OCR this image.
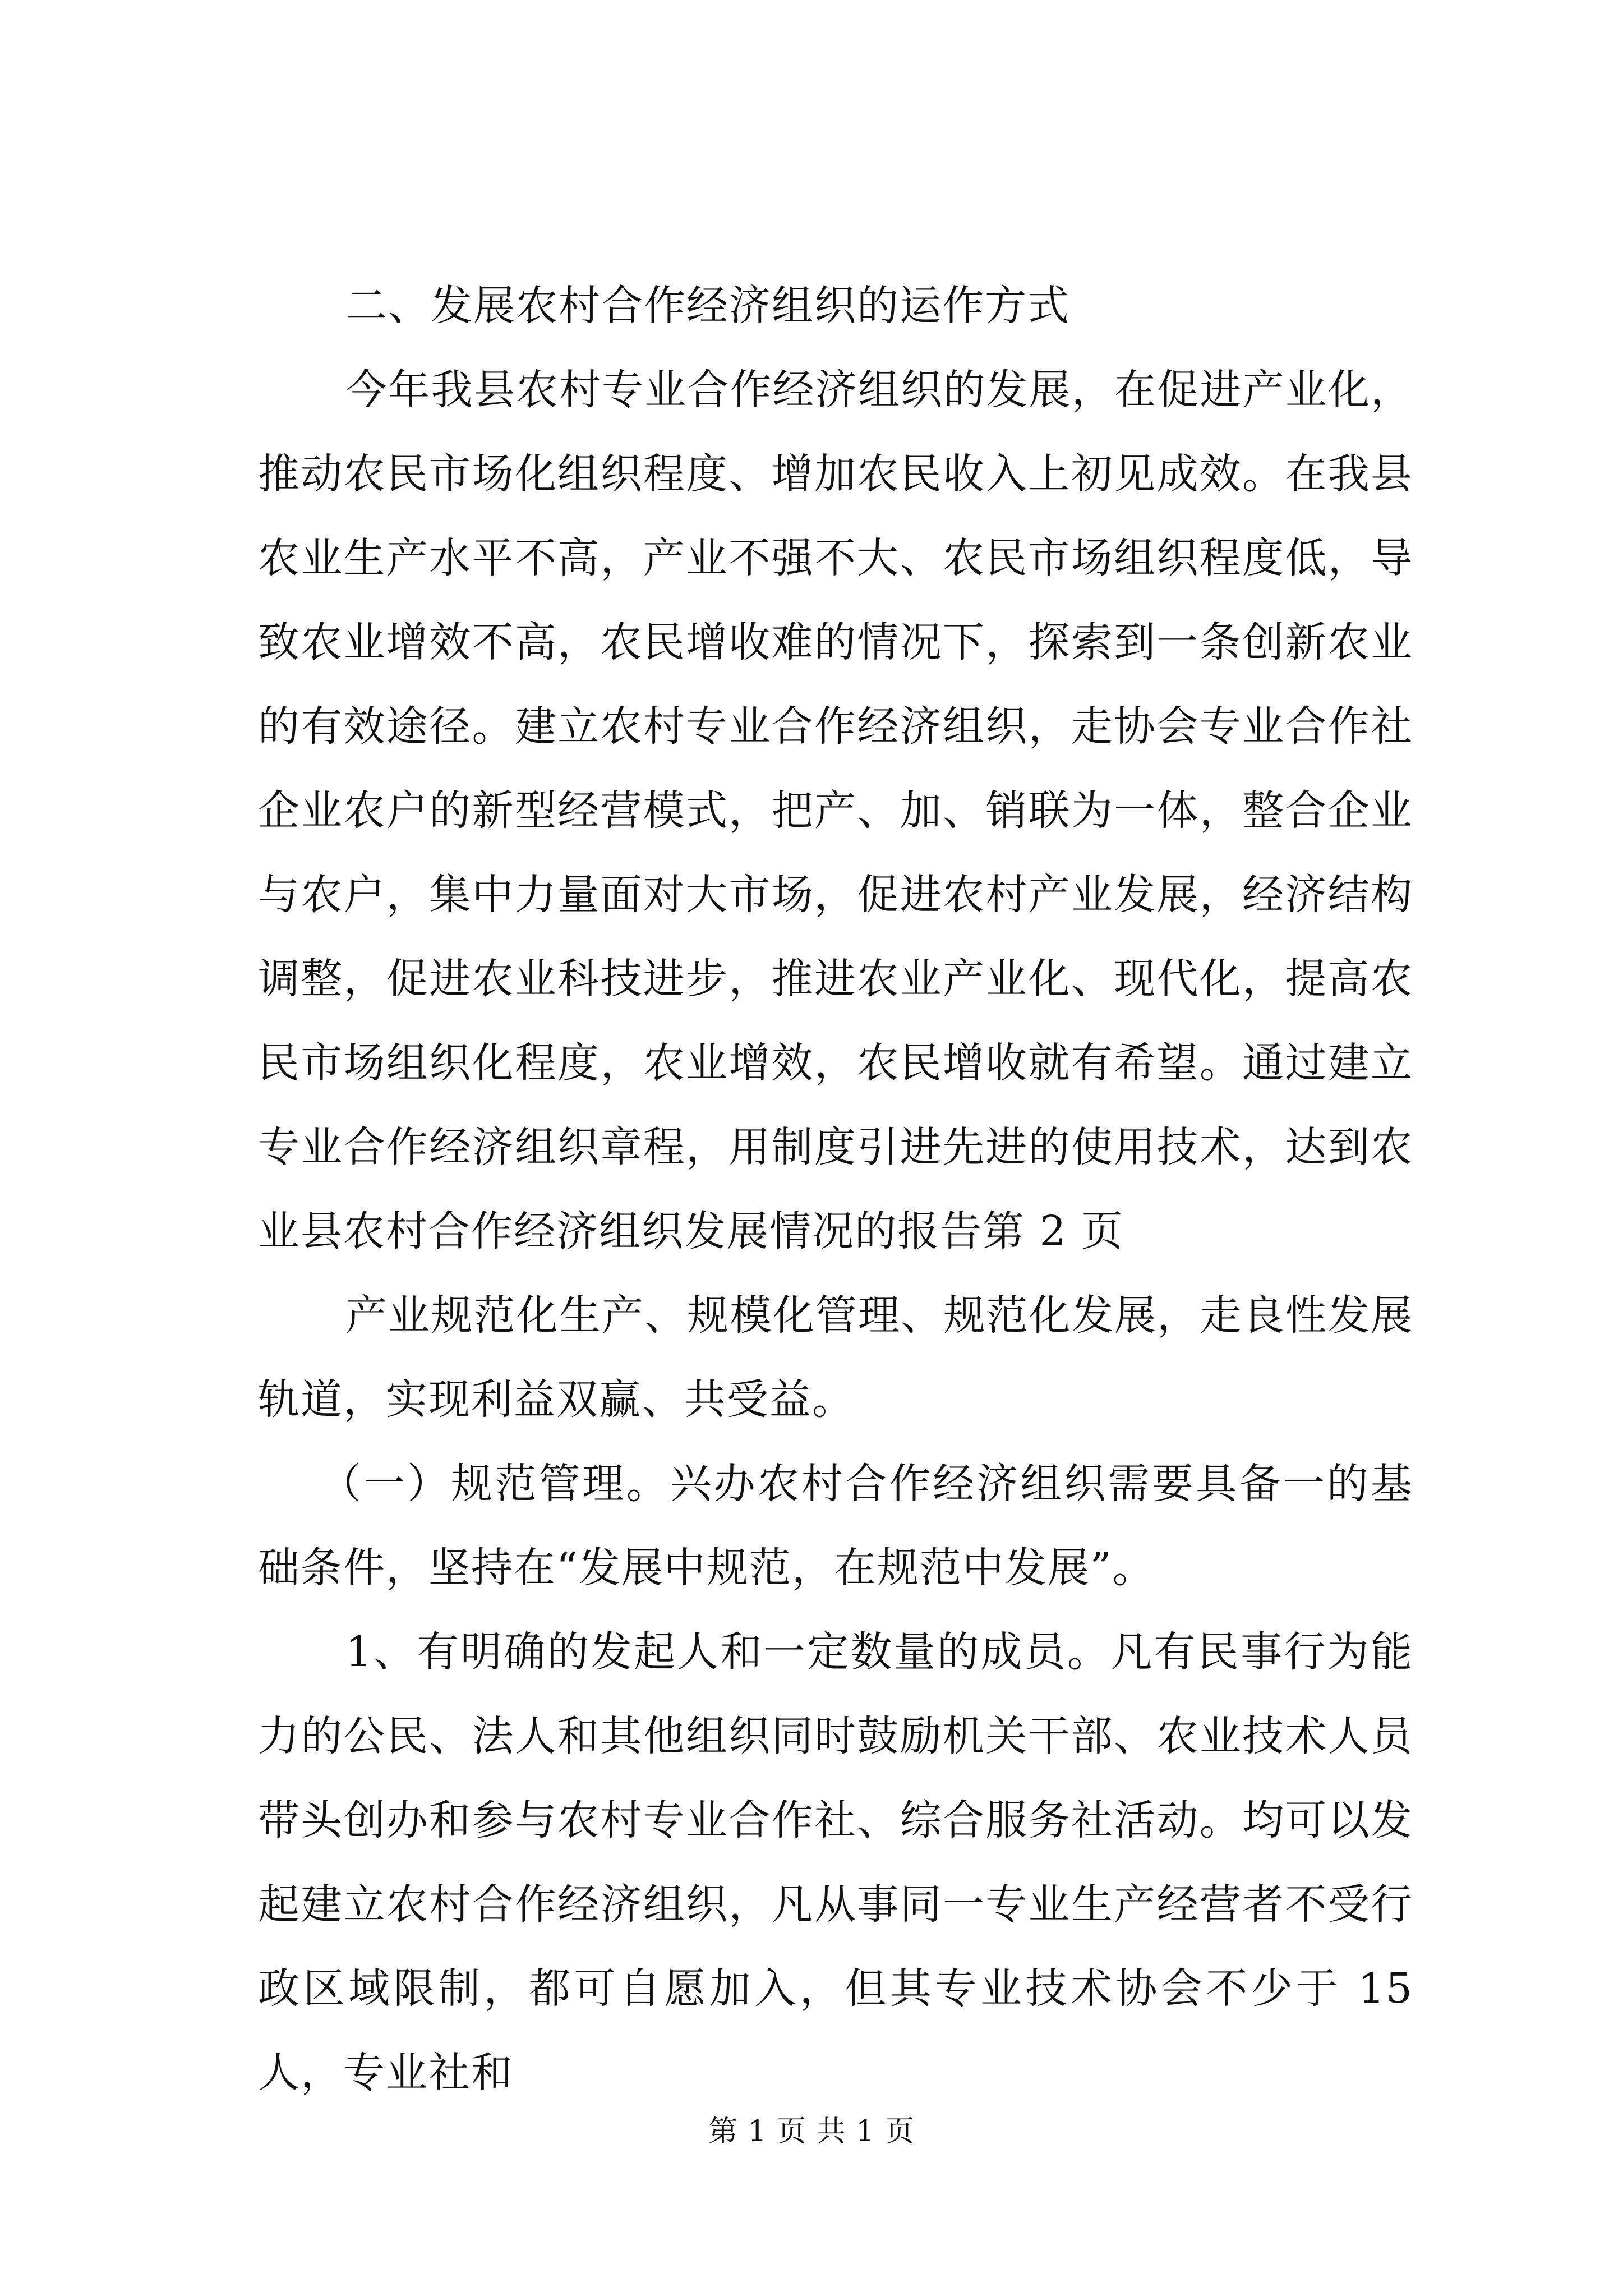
二、发展农村合作经济组织的运作方式

今年我县农村专业合作经济组织的发展，在促进产业化，推动农民市场化组织程度、增加农民收入上初见成效。在我县农业生产水平不高，产业不强不大、农民市场组织程度低，导致农业增效不高，农民增收难的情况下，探索到一条创新农业的有效途径。建立农村专业合作经济组织，走协会专业合作社企业农户的新型经营模式，把产、加、销联为一体，整合企业与农户，集中力量面对大市场，促进农村产业发展，经济结构调整，促进农业科技进步，推进农业产业化、现代化，提高农民市场组织化程度，农业增效，农民增收就有希望。通过建立专业合作经济组织章程，用制度引进先进的使用技术，达到农业县农村合作经济组织发展情况的报告第 2 页

产业规范化生产、规模化管理、规范化发展，走良性发展轨道，实现利益双赢、共受益。

（一）规范管理。兴办农村合作经济组织需要具备一的基础条件，坚持在“发展中规范，在规范中发展”。

1、有明确的发起人和一定数量的成员。凡有民事行为能力的公民、法人和其他组织同时鼓励机关干部、农业技术人员带头创办和参与农村专业合作社、综合服务社活动。均可以发起建立农村合作经济组织，凡从事同一专业生产经营者不受行政区域限制，都可自愿加入，但其专业技术协会不少于 15 人，专业社和

第 1 页 共 1 页
